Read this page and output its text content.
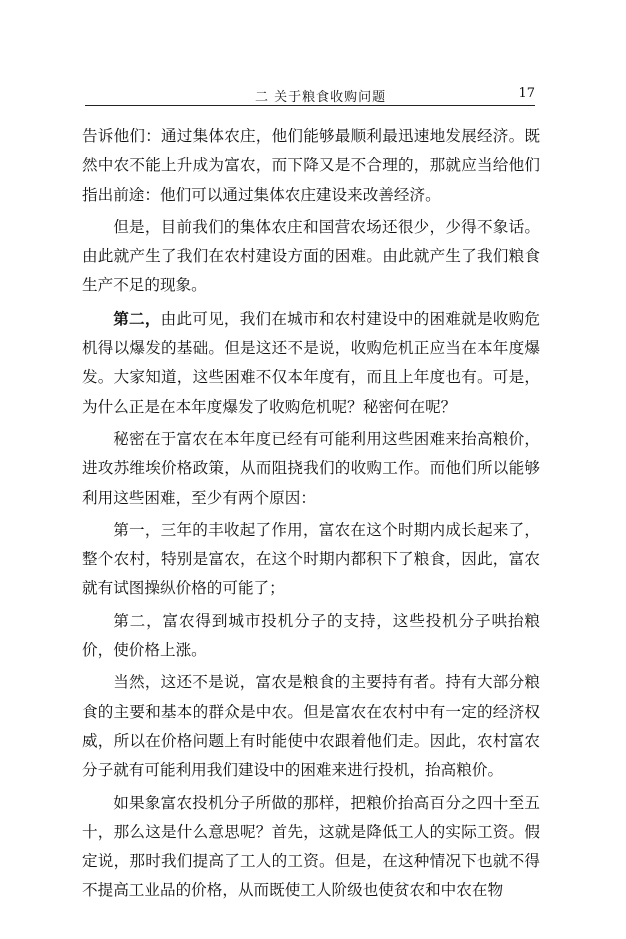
二 关于粮食收购问题	17

告诉他们：通过集体农庄，他们能够最顺利最迅速地发展经济。既然中农不能上升成为富农，而下降又是不合理的，那就应当给他们指出前途：他们可以通过集体农庄建设来改善经济。

但是，目前我们的集体农庄和国营农场还很少，少得不象话。由此就产生了我们在农村建设方面的困难。由此就产生了我们粮食生产不足的现象。

第二，由此可见，我们在城市和农村建设中的困难就是收购危机得以爆发的基础。但是这还不是说，收购危机正应当在本年度爆发。大家知道，这些困难不仅本年度有，而且上年度也有。可是，为什么正是在本年度爆发了收购危机呢？秘密何在呢？

秘密在于富农在本年度已经有可能利用这些困难来抬高粮价，进攻苏维埃价格政策，从而阻挠我们的收购工作。而他们所以能够利用这些困难，至少有两个原因：

第一，三年的丰收起了作用，富农在这个时期内成长起来了，整个农村，特别是富农，在这个时期内都积下了粮食，因此，富农就有试图操纵价格的可能了；

第二，富农得到城市投机分子的支持，这些投机分子哄抬粮价，使价格上涨。

当然，这还不是说，富农是粮食的主要持有者。持有大部分粮食的主要和基本的群众是中农。但是富农在农村中有一定的经济权威，所以在价格问题上有时能使中农跟着他们走。因此，农村富农分子就有可能利用我们建设中的困难来进行投机，抬高粮价。

如果象富农投机分子所做的那样，把粮价抬高百分之四十至五十，那么这是什么意思呢？首先，这就是降低工人的实际工资。假定说，那时我们提高了工人的工资。但是，在这种情况下也就不得不提高工业品的价格，从而既使工人阶级也使贫农和中农在物
